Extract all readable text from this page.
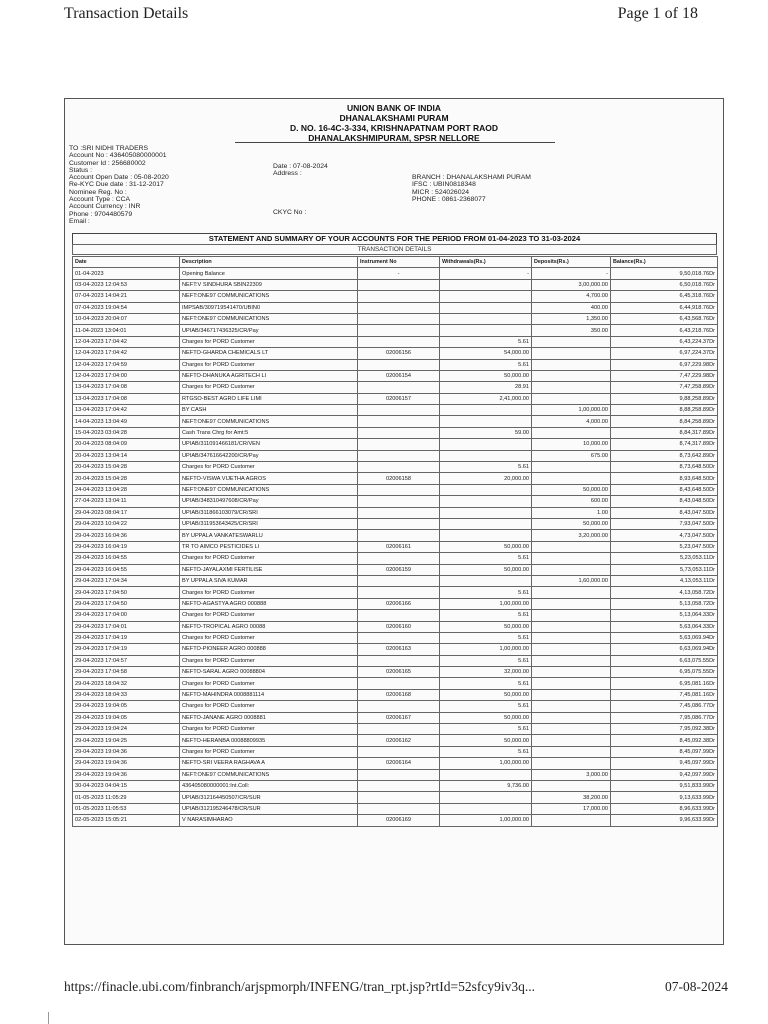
Transaction Details	Page 1 of 18
UNION BANK OF INDIA
DHANALAKSHAMI PURAM
D. NO. 16-4C-3-334, KRISHNAPATNAM PORT RAOD
DHANALAKSHMIPURAM, SPSR NELLORE
TO :SRI NIDHI TRADERS
Account No : 436405080000001
Customer Id : 256680002
Status :
Account Open Date : 05-08-2020
Re-KYC Due date : 31-12-2017
Nominee Reg. No :
Account Type : CCA
Account Currency : INR
Phone : 9704480579
Email :
Date : 07-08-2024
Address :
CKYC No :
BRANCH : DHANALAKSHAMI PURAM
IFSC : UBIN0818348
MICR : 524026024
PHONE : 0861-2368077
STATEMENT AND SUMMARY OF YOUR ACCOUNTS FOR THE PERIOD FROM 01-04-2023 TO 31-03-2024
TRANSACTION DETAILS
Date	Description	Instrument No	Withdrawals(Rs.)	Deposits(Rs.)	Balance(Rs.)
01-04-2023	Opening Balance	-	-	-	9,50,018.76Dr
03-04-2023 12:04:53	NEFT:V SINDHURA SBIN22309			3,00,000.00	6,50,018.76Dr
07-04-2023 14:04:21	NEFT:ONE97 COMMUNICATIONS			4,700.00	6,45,318.76Dr
07-04-2023 19:04:54	IMPSAB/309719541470/UBIN0			400.00	6,44,918.76Dr
10-04-2023 20:04:07	NEFT:ONE97 COMMUNICATIONS			1,350.00	6,43,568.76Dr
11-04-2023 13:04:01	UPIAB/346717436325/CR/Pay			350.00	6,43,218.76Dr
12-04-2023 17:04:42	Charges for PORD Customer		5.61		6,43,224.37Dr
12-04-2023 17:04:42	NEFTO-GHARDA CHEMICALS LT	02006156	54,000.00		6,97,224.37Dr
12-04-2023 17:04:59	Charges for PORD Customer		5.61		6,97,229.98Dr
12-04-2023 17:04:00	NEFTO-DHANUKA AGRITECH LI	02006154	50,000.00		7,47,229.98Dr
13-04-2023 17:04:08	Charges for PORD Customer		28.91		7,47,258.89Dr
13-04-2023 17:04:08	RTGSO-BEST AGRO LIFE LIMI	02006157	2,41,000.00		9,88,258.89Dr
13-04-2023 17:04:42	BY CASH			1,00,000.00	8,88,258.89Dr
14-04-2023 13:04:49	NEFT:ONE97 COMMUNICATIONS			4,000.00	8,84,258.89Dr
15-04-2023 03:04:28	Cash Trans Chrg for Amt:5		59.00		8,84,317.89Dr
20-04-2023 08:04:09	UPIAB/311091466181/CR/VEN			10,000.00	8,74,317.89Dr
20-04-2023 13:04:14	UPIAB/347616642200/CR/Pay			675.00	8,73,642.89Dr
20-04-2023 15:04:28	Charges for PORD Customer		5.61		8,73,648.50Dr
20-04-2023 15:04:28	NEFTO-VISWA VIJETHA AGROS	02006158	20,000.00		8,93,648.50Dr
24-04-2023 13:04:28	NEFT:ONE97 COMMUNICATIONS			50,000.00	8,43,648.50Dr
27-04-2023 13:04:11	UPIAB/348310497608/CR/Pay			600.00	8,43,048.50Dr
29-04-2023 08:04:17	UPIAB/311866103079/CR/SRI			1.00	8,43,047.50Dr
29-04-2023 10:04:22	UPIAB/311953643425/CR/SRI			50,000.00	7,93,047.50Dr
29-04-2023 16:04:36	BY UPPALA VANKATESWARLU			3,20,000.00	4,73,047.50Dr
29-04-2023 16:04:19	TR TO AIMCO PESTICIDES LI	02006161	50,000.00		5,23,047.50Dr
29-04-2023 16:04:55	Charges for PORD Customer		5.61		5,23,053.11Dr
29-04-2023 16:04:55	NEFTO-JAYALAXMI FERTILISE	02006159	50,000.00		5,73,053.11Dr
29-04-2023 17:04:34	BY UPPALA SIVA KUMAR			1,60,000.00	4,13,053.11Dr
29-04-2023 17:04:50	Charges for PORD Customer		5.61		4,13,058.72Dr
29-04-2023 17:04:50	NEFTO-AGASTYA AGRO 000888	02006166	1,00,000.00		5,13,058.72Dr
29-04-2023 17:04:00	Charges for PORD Customer		5.61		5,13,064.33Dr
29-04-2023 17:04:01	NEFTO-TROPICAL AGRO 00088	02006160	50,000.00		5,63,064.33Dr
29-04-2023 17:04:19	Charges for PORD Customer		5.61		5,63,069.94Dr
29-04-2023 17:04:19	NEFTO-PIONEER AGRO 000888	02006163	1,00,000.00		6,63,069.94Dr
29-04-2023 17:04:57	Charges for PORD Customer		5.61		6,63,075.55Dr
29-04-2023 17:04:58	NEFTO-SARAL AGRO 00088804	02006165	32,000.00		6,95,075.55Dr
29-04-2023 18:04:32	Charges for PORD Customer		5.61		6,95,081.16Dr
29-04-2023 18:04:33	NEFTO-MAHINDRA 0008881114	02006168	50,000.00		7,45,081.16Dr
29-04-2023 19:04:05	Charges for PORD Customer		5.61		7,45,086.77Dr
29-04-2023 19:04:05	NEFTO-JANANE AGRO 0008881	02006167	50,000.00		7,95,086.77Dr
29-04-2023 19:04:24	Charges for PORD Customer		5.61		7,95,092.38Dr
29-04-2023 19:04:25	NEFTO-HERANBA 00088809935	02006162	50,000.00		8,45,092.38Dr
29-04-2023 19:04:36	Charges for PORD Customer		5.61		8,45,097.99Dr
29-04-2023 19:04:36	NEFTO-SRI VEERA RAGHAVA A	02006164	1,00,000.00		9,45,097.99Dr
29-04-2023 19:04:36	NEFT:ONE97 COMMUNICATIONS			3,000.00	9,42,097.99Dr
30-04-2023 04:04:15	436405080000001:Int.Coll:		9,736.00		9,51,833.99Dr
01-05-2023 11:05:29	UPIAB/312164450507/CR/SUR			38,200.00	9,13,633.99Dr
01-05-2023 11:05:53	UPIAB/312195246478/CR/SUR			17,000.00	8,96,633.99Dr
02-05-2023 15:05:21	V NARASIMHARAO	02006169	1,00,000.00		9,96,633.99Dr
https://finacle.ubi.com/finbranch/arjspmorph/INFENG/tran_rpt.jsp?rtId=52sfcy9iv3q...	07-08-2024
